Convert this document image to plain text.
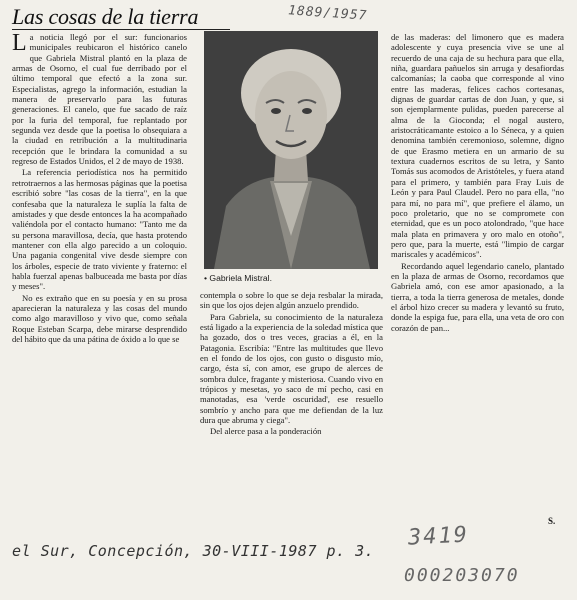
Las cosas de la tierra	1889/1957

La noticia llegó por el sur: funcionarios municipales reubicaron el histórico canelo que Gabriela Mistral plantó en la plaza de armas de Osorno, el cual fue derribado por el último temporal que efectó a la zona sur. Especialistas, agrego la información, estudian la manera de preservarlo para las futuras generaciones. El canelo, que fue sacado de raíz por la furia del temporal, fue replantado por segunda vez desde que la poetisa lo obsequiara a la ciudad en retribución a la multitudinaria recepción que le brindara la comunidad a su regreso de Estados Unidos, el 2 de mayo de 1938.

La referencia periodística nos ha permitido retrotraernos a las hermosas páginas que la poetisa escribió sobre "las cosas de la tierra", en la que confesaba que la naturaleza le suplía la falta de amistades y que desde entonces la ha acompañado valiéndola por el contacto humano: "Tanto me da su persona maravillosa, decía, que hasta protendo mantener con ella algo parecido a un coloquio. Una pagania congenital vive desde siempre con los árboles, especie de trato viviente y fraterno: el habla fuerzal apenas balbuceada me basta por días y meses".

No es extraño que en su poesía y en su prosa aparecieran la naturaleza y las cosas del mundo como algo maravilloso y vivo que, como señala Roque Esteban Scarpa, debe mirarse desprendido del hábito que da una pátina de óxido a lo que se

• Gabriela Mistral.

contempla o sobre lo que se deja resbalar la mirada, sin que los ojos dejen algún anzuelo prendido.

Para Gabriela, su conocimiento de la naturaleza está ligado a la experiencia de la soledad mística que ha gozado, dos o tres veces, gracias a él, en la Patagonia. Escribía: "Entre las multitudes que llevo en el fondo de los ojos, con gusto o disgusto mío, cargo, ésta sí, con amor, ese grupo de alerces de sombra dulce, fragante y misteriosa. Cuando vivo en trópicos y mesetas, yo saco de mí pecho, casi en manotadas, esa 'verde oscuridad', ese resuello sombrío y ancho para que me defiendan de la luz dura que abruma y ciega".

Del alerce pasa a la ponderación

de las maderas: del limonero que es madera adolescente y cuya presencia vive se une al recuerdo de una caja de su hechura para que ella, niña, guardara pañuelos sin arruga y desafiordas calcomanías; la caoba que corresponde al vino entre las maderas, felices cachos cortesanas, dignas de guardar cartas de don Juan, y que, si son ejemplarmente pulidas, pueden parecerse al alma de la Gioconda; el nogal austero, aristocráticamante estoico a lo Séneca, y a quien denomina también ceremonioso, solemne, digno de que Erasmo metiera en un armario de su textura cuadernos escritos de su letra, y Santo Tomás sus acomodos de Aristóteles, y fuera atand para el primero, y también para Fray Luis de León y para Paul Claudel. Pero no para ella, "no para mí, no para mí", que prefiere el álamo, un poco proletario, que no se compromete con eternidad, que es un poco atolondrado, "que hace mala plata en primavera y oro malo en otoño", pero que, para la muerte, está "limpio de cargar mariscales y académicos".

Recordando aquel legendario canelo, plantado en la plaza de armas de Osorno, recordamos que Gabriela amó, con ese amor apasionado, a la tierra, a toda la tierra generosa de metales, donde el árbol hizo crecer su madera y levantó su fruto, donde la espiga fue, para ella, una veta de oro con corazón de pan...

S.
el Sur, Concepción, 30-VIII-1987 p. 3.
3419
000203070
